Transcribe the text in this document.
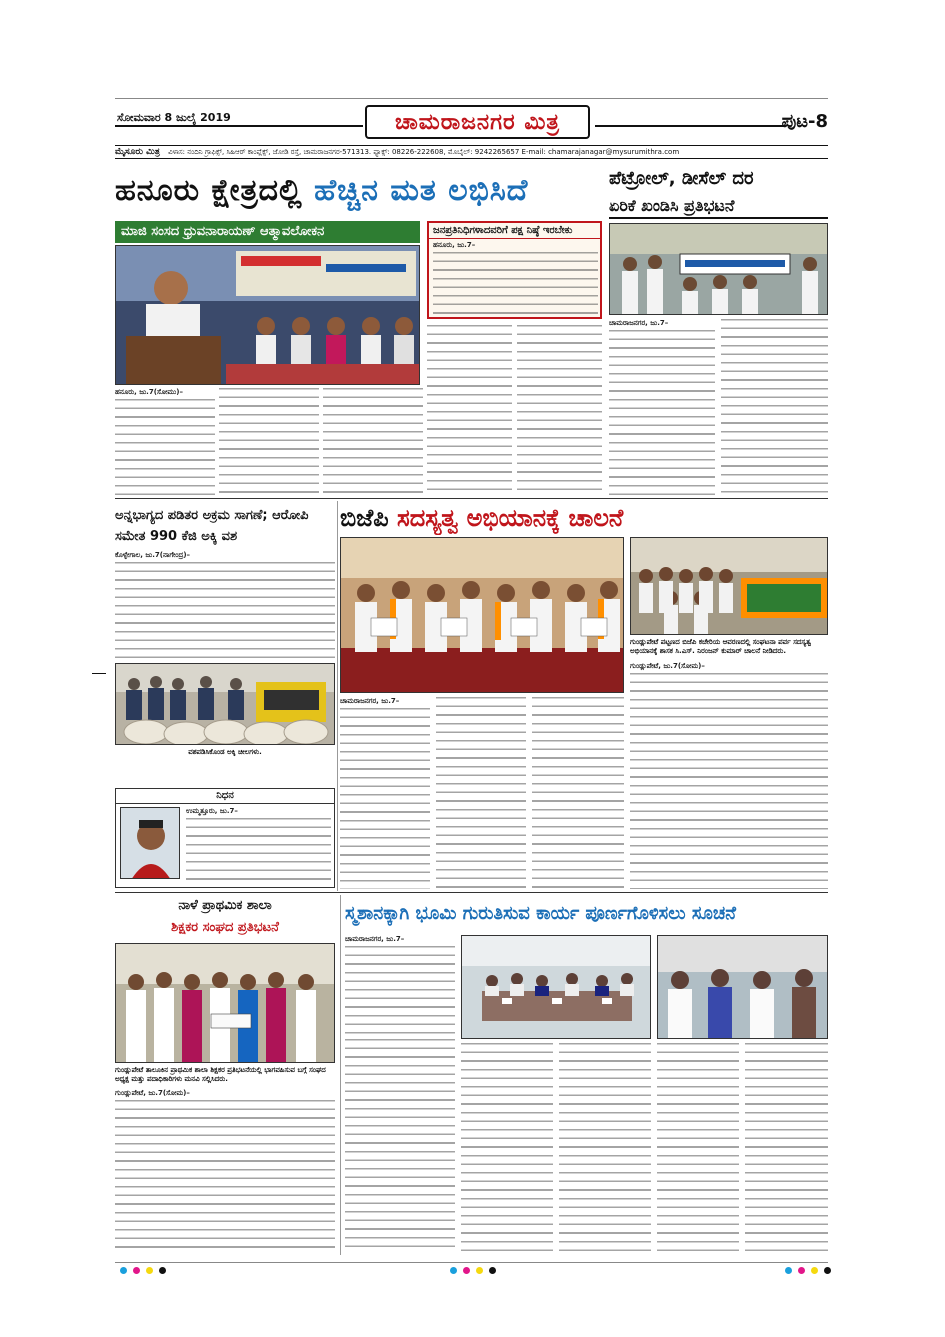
ಸೋಮವಾರ 8 ಜುಲೈ 2019	ಚಾಮರಾಜನಗರ ಮಿತ್ರ	ಪುಟ-8
ಮೈಸೂರು ಮಿತ್ರ ವಿಳಾಸ: ನಂದಿನಿ ಗ್ರಾಫಿಕ್ಸ್, ಸಿಹಿಆರ್ ಕಾಂಪ್ಲೆಕ್ಸ್, ಜೋಡಿ ರಸ್ತೆ, ಚಾಮರಾಜನಗರ-571313. ಫ್ಯಾಕ್ಸ್: 08226-222608, ಮೊಬೈಲ್: 9242265657 E-mail: chamarajanagar@mysurumithra.com
ಹನೂರು ಕ್ಷೇತ್ರದಲ್ಲಿ ಹೆಚ್ಚಿನ ಮತ ಲಭಿಸಿದೆ	ಪೆಟ್ರೋಲ್, ಡೀಸೆಲ್ ದರ
ಏರಿಕೆ ಖಂಡಿಸಿ ಪ್ರತಿಭಟನೆ
ಮಾಜಿ ಸಂಸದ ಧ್ರುವನಾರಾಯಣ್ ಆತ್ಮಾವಲೋಕನ	ಜನಪ್ರತಿನಿಧಿಗಳಾದವರಿಗೆ ಪಕ್ಷ ನಿಷ್ಠೆ ಇರಬೇಕು
ಹನೂರು, ಜು.7–
ಹನೂರು, ಜು.7(ಸೋಮು)–
ಚಾಮರಾಜನಗರ, ಜು.7–
ಅನ್ನಭಾಗ್ಯದ ಪಡಿತರ ಅಕ್ರಮ ಸಾಗಣೆ; ಆರೋಪಿ ಸಮೇತ 990 ಕೆಜಿ ಅಕ್ಕಿ ವಶ
ಕೊಳ್ಳೇಗಾಲ, ಜು.7(ನಾಗೇಂದ್ರ)–
ವಶಪಡಿಸಿಕೊಂಡ ಅಕ್ಕಿ ಚೀಲಗಳು.
ನಿಧನ
ಉಮ್ಮತ್ತೂರು, ಜು.7–
ಬಿಜೆಪಿ ಸದಸ್ಯತ್ವ ಅಭಿಯಾನಕ್ಕೆ ಚಾಲನೆ
ಗುಂಡ್ಲುಪೇಟೆ ಪಟ್ಟಣದ ಬಿಜೆಪಿ ಕಚೇರಿಯ ಆವರಣದಲ್ಲಿ ಸಂಘಟನಾ ಪರ್ವ ಸದಸ್ಯತ್ವ ಅಭಿಯಾನಕ್ಕೆ ಶಾಸಕ ಸಿ.ಎಸ್. ನಿರಂಜನ್ ಕುಮಾರ್ ಚಾಲನೆ ನೀಡಿದರು.
ಚಾಮರಾಜನಗರ, ಜು.7–
ಗುಂಡ್ಲುಪೇಟೆ, ಜು.7(ಸೋಮ)–
ನಾಳೆ ಪ್ರಾಥಮಿಕ ಶಾಲಾ
ಶಿಕ್ಷಕರ ಸಂಘದ ಪ್ರತಿಭಟನೆ
ಗುಂಡ್ಲುಪೇಟೆ ತಾಲೂಕಿನ ಪ್ರಾಥಮಿಕ ಶಾಲಾ ಶಿಕ್ಷಕರ ಪ್ರತಿಭಟನೆಯಲ್ಲಿ ಭಾಗವಹಿಸುವ ಬಗ್ಗೆ ಸಂಘದ ಅಧ್ಯಕ್ಷ ಮತ್ತು ಪದಾಧಿಕಾರಿಗಳು ಮನವಿ ಸಲ್ಲಿಸಿದರು.
ಗುಂಡ್ಲುಪೇಟೆ, ಜು.7(ಸೋಮ)–
ಸ್ಮಶಾನಕ್ಕಾಗಿ ಭೂಮಿ ಗುರುತಿಸುವ ಕಾರ್ಯ ಪೂರ್ಣಗೊಳಿಸಲು ಸೂಚನೆ
ಚಾಮರಾಜನಗರ, ಜು.7–
